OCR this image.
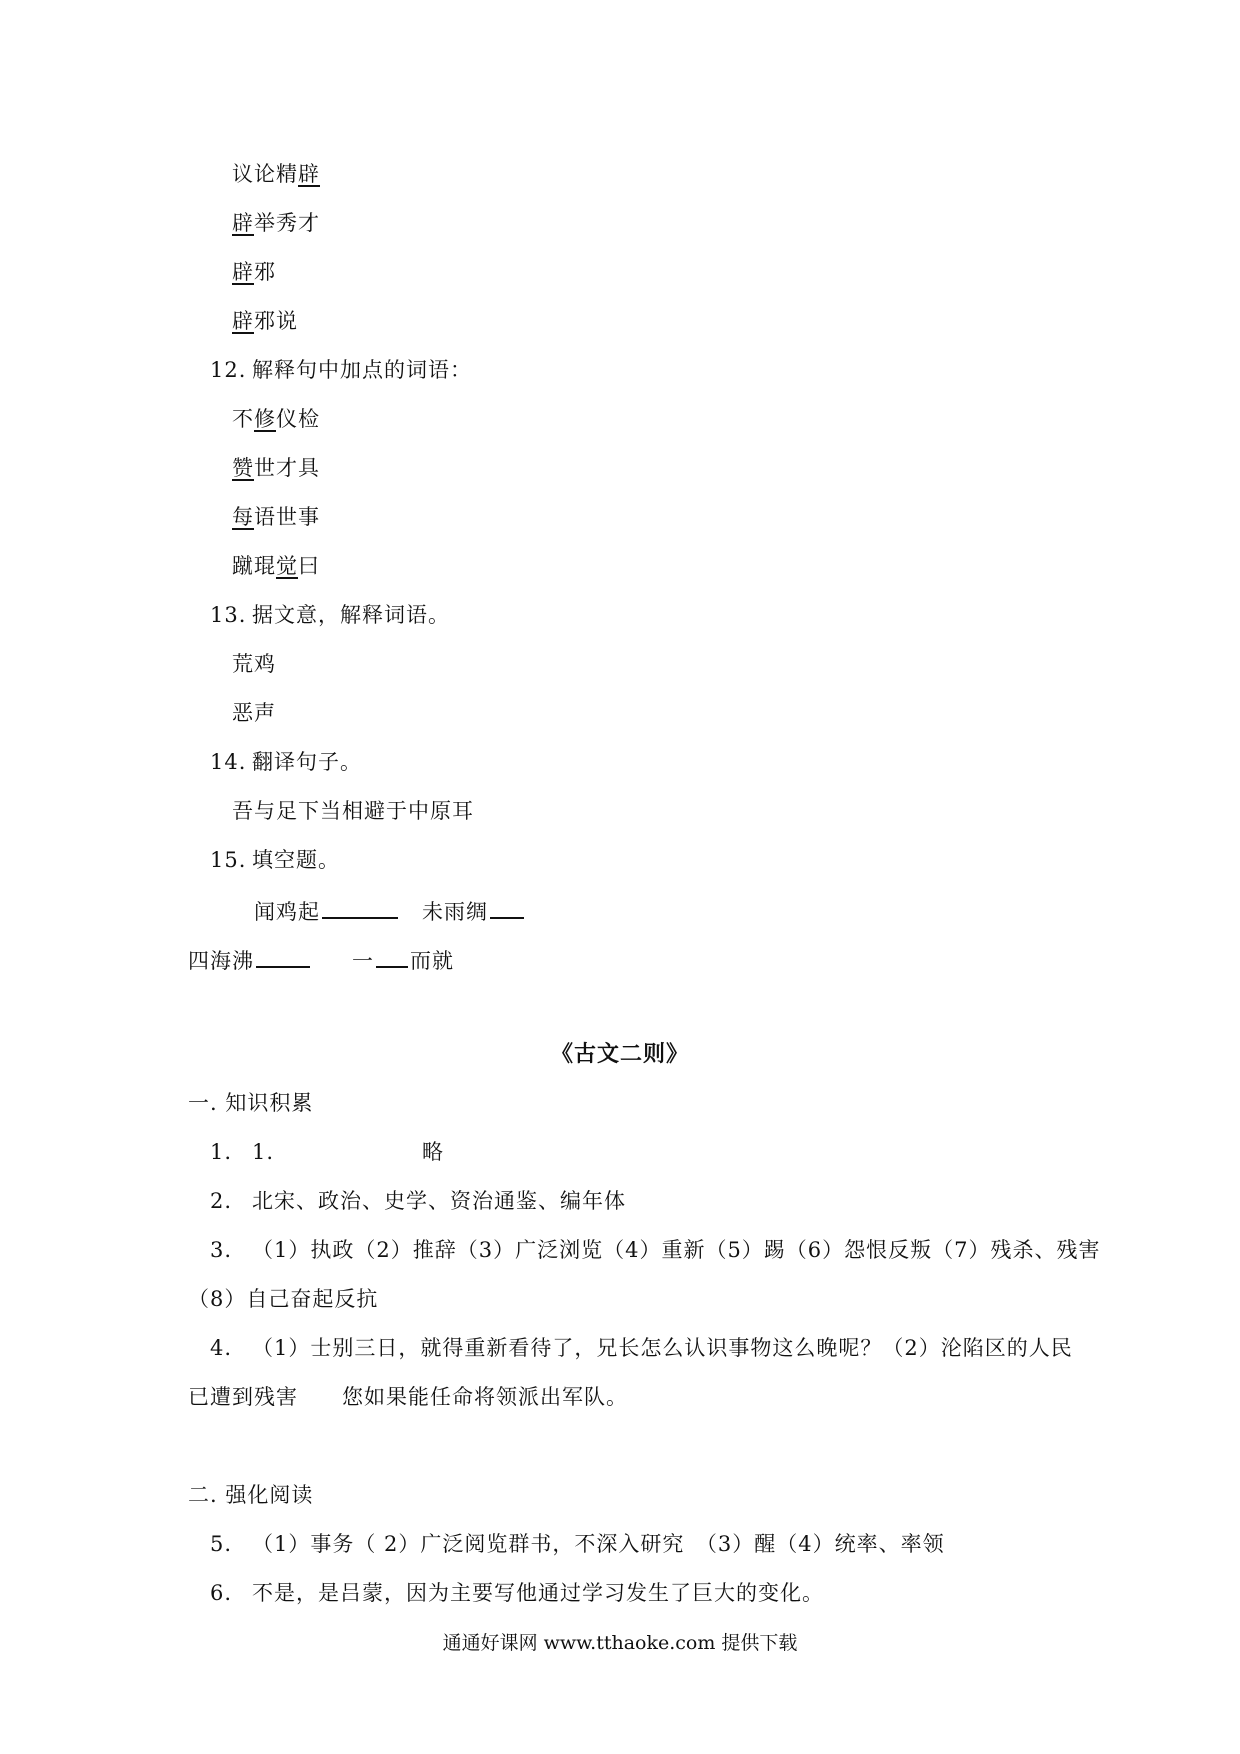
议论精辟
辟举秀才
辟邪
辟邪说
12. 解释句中加点的词语：
不修仪检
赞世才具
每语世事
蹴琨觉曰
13. 据文意，解释词语。
荒鸡
恶声
14. 翻译句子。
吾与足下当相避于中原耳
15. 填空题。
闻鸡起	未雨绸
四海沸	一 而就
《古文二则》
一. 知识积累
1. 1.	略
2. 北宋、政治、史学、资治通鉴、编年体
3. （1）执政（2）推辞（3）广泛浏览（4）重新（5）踢（6）怨恨反叛（7）残杀、残害
（8）自己奋起反抗
4. （1）士别三日，就得重新看待了，兄长怎么认识事物这么晚呢？（2）沦陷区的人民
已遭到残害　　您如果能任命将领派出军队。
二. 强化阅读
5. （1）事务（ 2）广泛阅览群书，不深入研究　（3）醒（4）统率、率领
6. 不是，是吕蒙，因为主要写他通过学习发生了巨大的变化。
通通好课网 www.tthaoke.com 提供下载
